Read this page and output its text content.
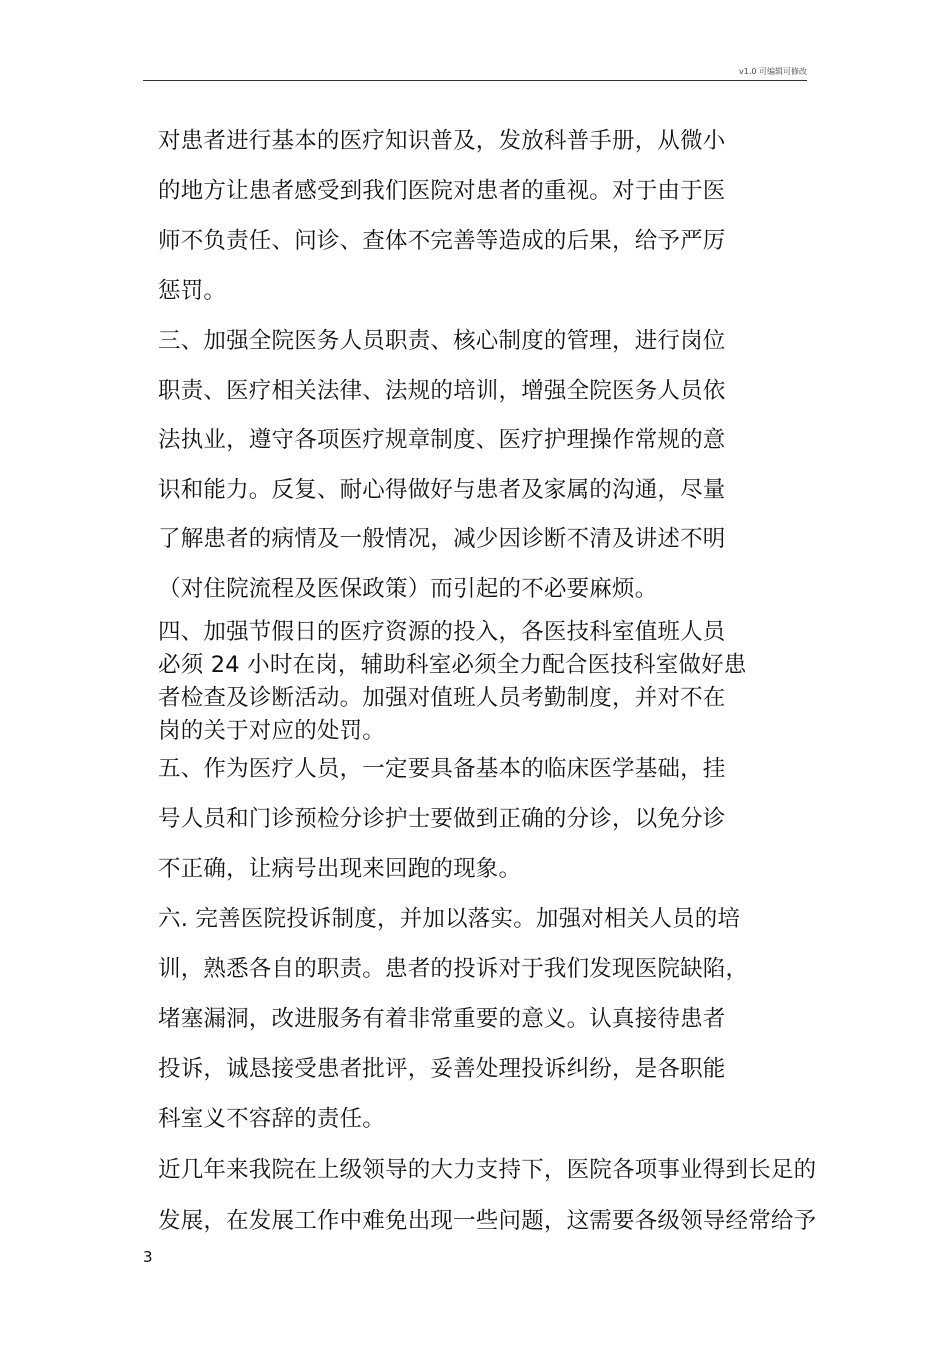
v1.0 可编辑可修改
对患者进行基本的医疗知识普及，发放科普手册，从微小
的地方让患者感受到我们医院对患者的重视。对于由于医
师不负责任、问诊、查体不完善等造成的后果，给予严厉
惩罚。
三、加强全院医务人员职责、核心制度的管理，进行岗位
职责、医疗相关法律、法规的培训，增强全院医务人员依
法执业，遵守各项医疗规章制度、医疗护理操作常规的意
识和能力。反复、耐心得做好与患者及家属的沟通，尽量
了解患者的病情及一般情况，减少因诊断不清及讲述不明
（对住院流程及医保政策）而引起的不必要麻烦。
四、加强节假日的医疗资源的投入，各医技科室值班人员
必须 24 小时在岗，辅助科室必须全力配合医技科室做好患
者检查及诊断活动。加强对值班人员考勤制度，并对不在
岗的关于对应的处罚。
五、作为医疗人员，一定要具备基本的临床医学基础，挂
号人员和门诊预检分诊护士要做到正确的分诊，以免分诊
不正确，让病号出现来回跑的现象。
六. 完善医院投诉制度，并加以落实。加强对相关人员的培
训，熟悉各自的职责。患者的投诉对于我们发现医院缺陷，
堵塞漏洞，改进服务有着非常重要的意义。认真接待患者
投诉，诚恳接受患者批评，妥善处理投诉纠纷，是各职能
科室义不容辞的责任。
近几年来我院在上级领导的大力支持下，医院各项事业得到长足的
发展，在发展工作中难免出现一些问题，这需要各级领导经常给予
3
